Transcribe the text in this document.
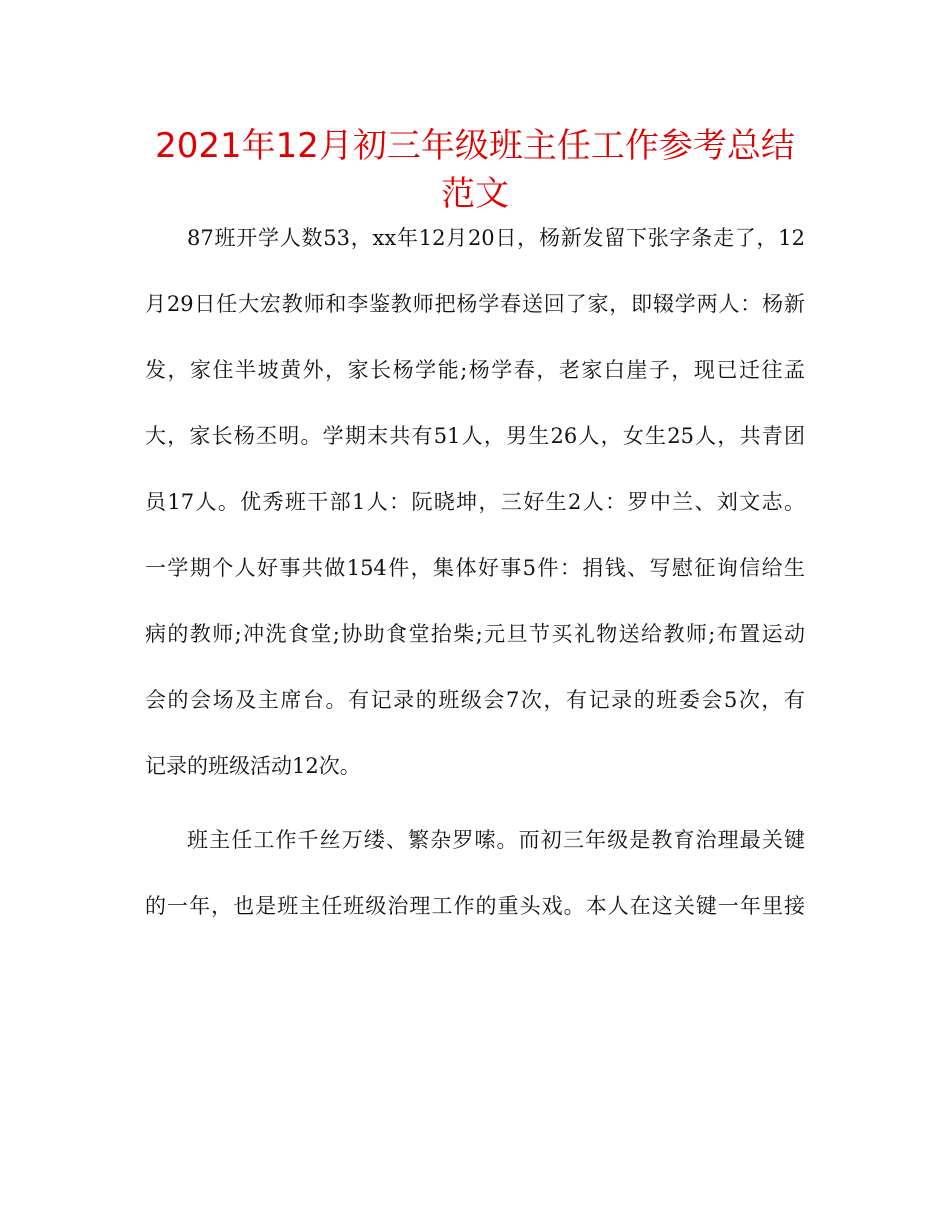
2021年12月初三年级班主任工作参考总结范文
87班开学人数53，xx年12月20日，杨新发留下张字条走了，12
月29日任大宏教师和李鉴教师把杨学春送回了家，即辍学两人：杨新
发，家住半坡黄外，家长杨学能;杨学春，老家白崖子，现已迁往孟
大，家长杨丕明。学期末共有51人，男生26人，女生25人，共青团
员17人。优秀班干部1人：阮晓坤，三好生2人：罗中兰、刘文志。
一学期个人好事共做154件，集体好事5件：捐钱、写慰征询信给生
病的教师;冲洗食堂;协助食堂抬柴;元旦节买礼物送给教师;布置运动
会的会场及主席台。有记录的班级会7次，有记录的班委会5次，有
记录的班级活动12次。
班主任工作千丝万缕、繁杂罗嗦。而初三年级是教育治理最关键
的一年，也是班主任班级治理工作的重头戏。本人在这关键一年里接
